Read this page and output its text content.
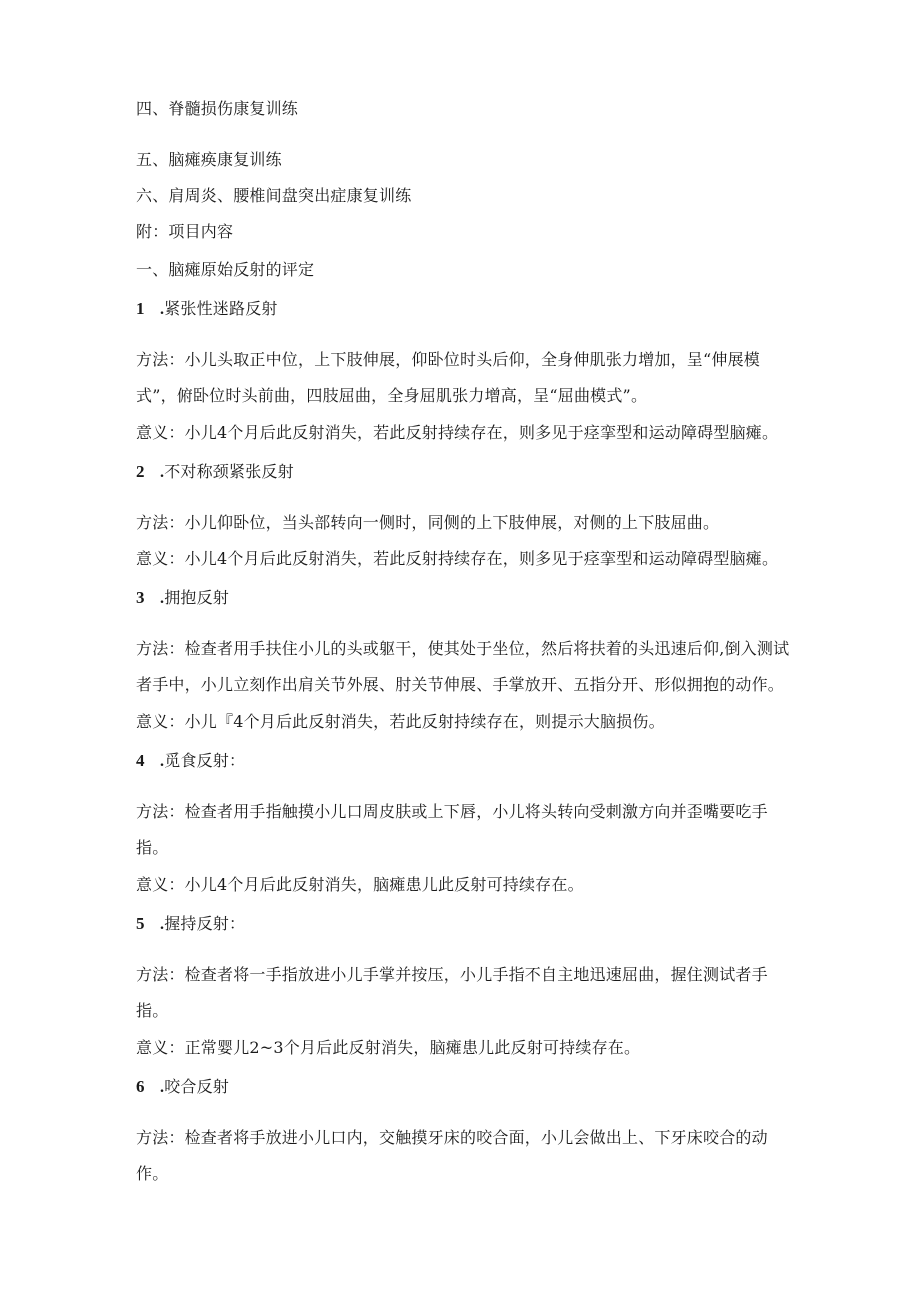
四、脊髓损伤康复训练
五、脑瘫痪康复训练
六、肩周炎、腰椎间盘突出症康复训练
附：项目内容
一、脑瘫原始反射的评定
1 .紧张性迷路反射
方法：小儿头取正中位，上下肢伸展，仰卧位时头后仰，全身伸肌张力增加，呈“伸展模
式”，俯卧位时头前曲，四肢屈曲，全身屈肌张力增高，呈“屈曲模式”。
意义：小儿4个月后此反射消失，若此反射持续存在，则多见于痉挛型和运动障碍型脑瘫。
2 .不对称颈紧张反射
方法：小儿仰卧位，当头部转向一侧时，同侧的上下肢伸展，对侧的上下肢屈曲。
意义：小儿4个月后此反射消失，若此反射持续存在，则多见于痉挛型和运动障碍型脑瘫。
3 .拥抱反射
方法：检查者用手扶住小儿的头或躯干，使其处于坐位，然后将扶着的头迅速后仰,倒入测试
者手中，小儿立刻作出肩关节外展、肘关节伸展、手掌放开、五指分开、形似拥抱的动作。
意义：小儿『4个月后此反射消失，若此反射持续存在，则提示大脑损伤。
4 .觅食反射：
方法：检查者用手指触摸小儿口周皮肤或上下唇，小儿将头转向受刺激方向并歪嘴要吃手
指。
意义：小儿4个月后此反射消失，脑瘫患儿此反射可持续存在。
5 .握持反射：
方法：检查者将一手指放进小儿手掌并按压，小儿手指不自主地迅速屈曲，握住测试者手
指。
意义：正常婴儿2~3个月后此反射消失，脑瘫患儿此反射可持续存在。
6 .咬合反射
方法：检查者将手放进小儿口内，交触摸牙床的咬合面，小儿会做出上、下牙床咬合的动
作。
